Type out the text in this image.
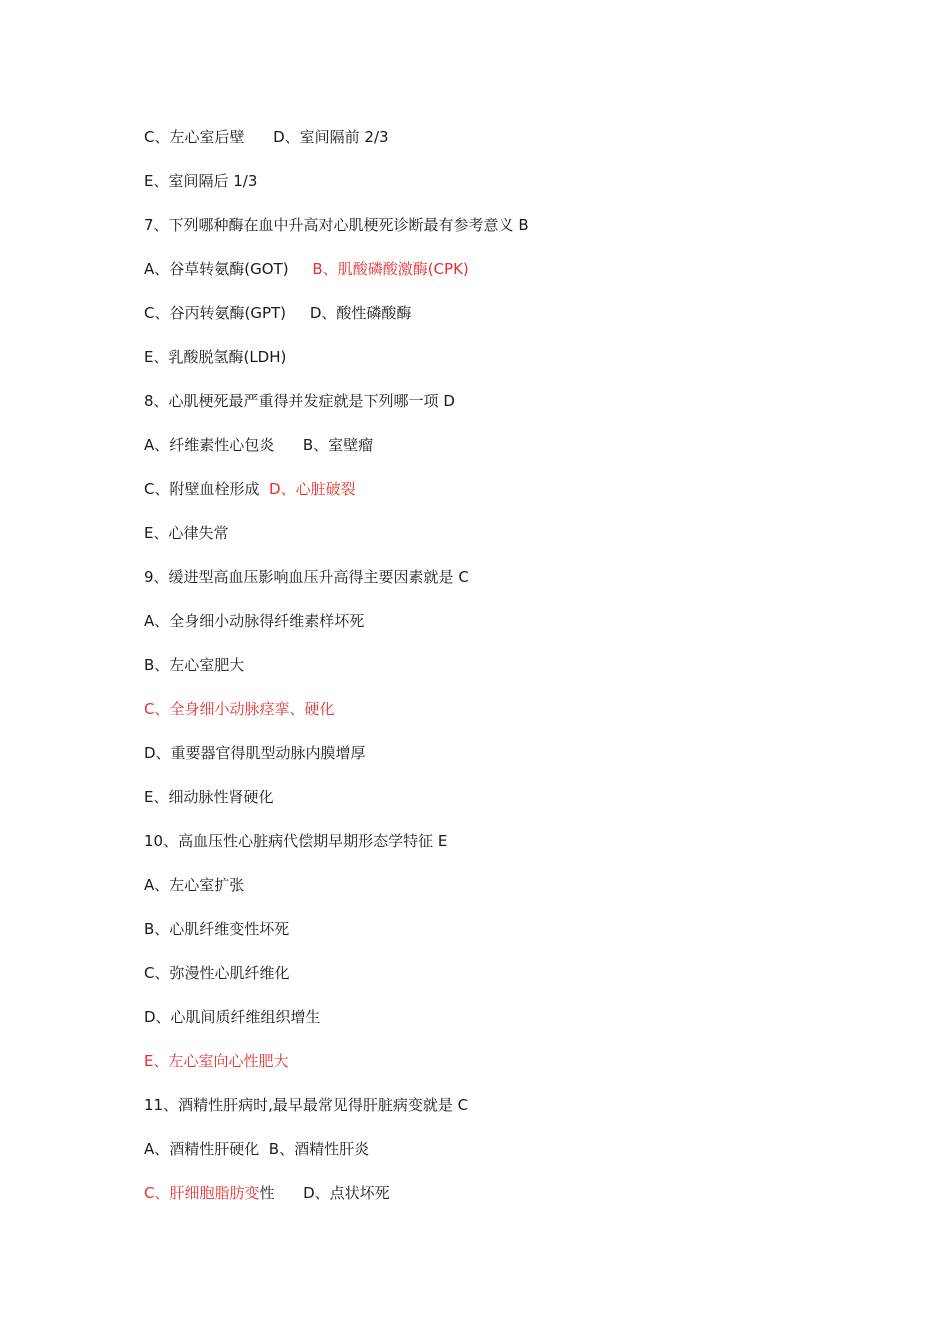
C、左心室后壁      D、室间隔前 2/3
E、室间隔后 1/3
7、下列哪种酶在血中升高对心肌梗死诊断最有参考意义 B
A、谷草转氨酶(GOT)     B、肌酸磷酸激酶(CPK)
C、谷丙转氨酶(GPT)     D、酸性磷酸酶
E、乳酸脱氢酶(LDH)
8、心肌梗死最严重得并发症就是下列哪一项 D
A、纤维素性心包炎      B、室壁瘤
C、附壁血栓形成  D、心脏破裂
E、心律失常
9、缓进型高血压影响血压升高得主要因素就是 C
A、全身细小动脉得纤维素样坏死
B、左心室肥大
C、全身细小动脉痉挛、硬化
D、重要器官得肌型动脉内膜增厚
E、细动脉性肾硬化
10、高血压性心脏病代偿期早期形态学特征 E
A、左心室扩张
B、心肌纤维变性坏死
C、弥漫性心肌纤维化
D、心肌间质纤维组织增生
E、左心室向心性肥大
11、酒精性肝病时,最早最常见得肝脏病变就是 C
A、酒精性肝硬化  B、酒精性肝炎
C、肝细胞脂肪变性      D、点状坏死
